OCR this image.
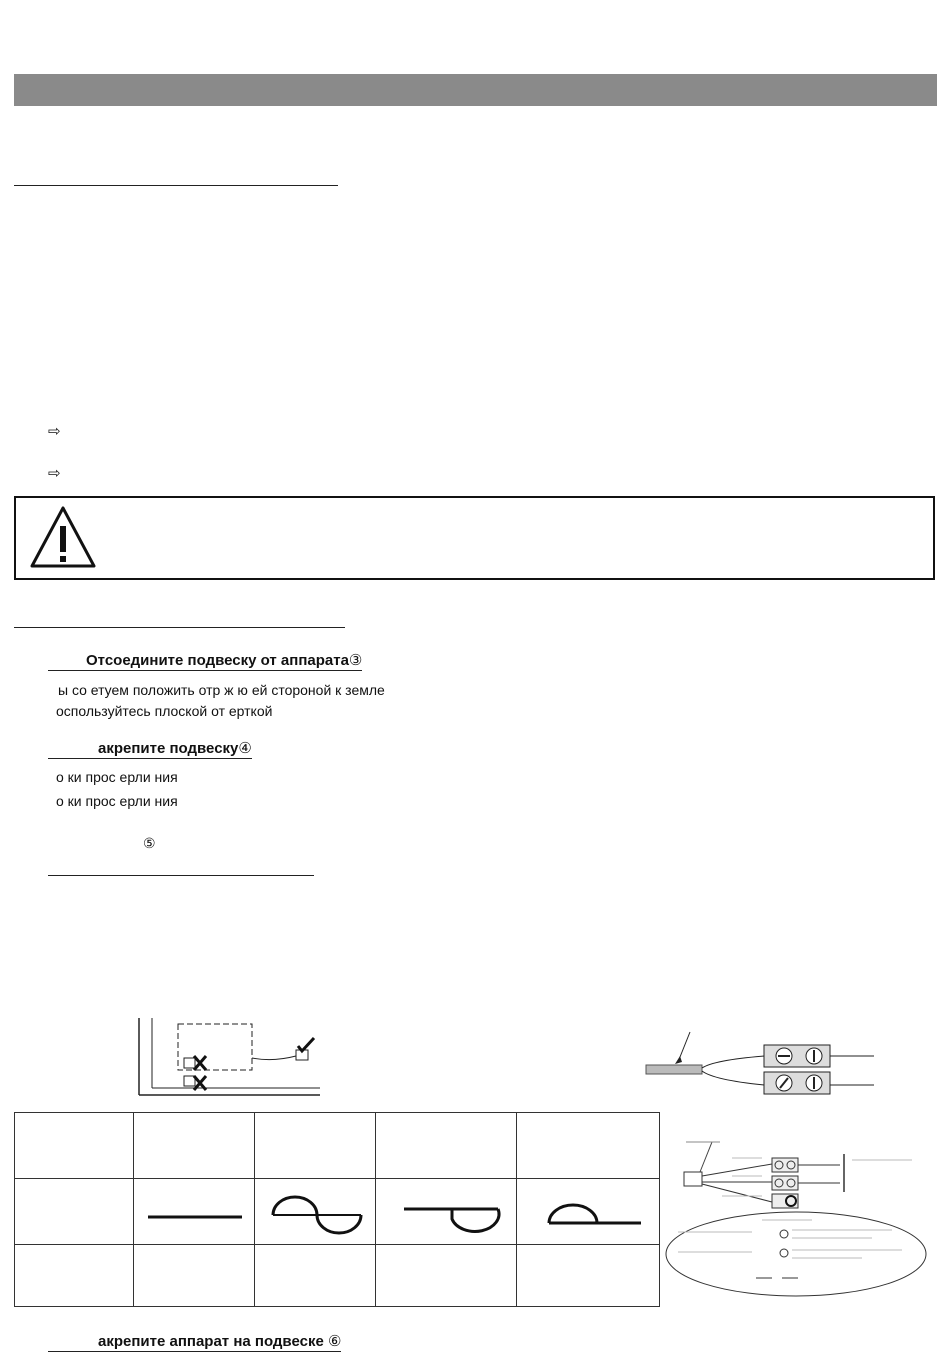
⇨
⇨
Отсоедините подвеску от аппарата③
ы со етуем положить отр ж ю ей стороной к земле
оспользуйтесь плоской от ерткой
акрепите подвеску④
о ки прос ерли ния
о ки прос ерли ния
⑤

акрепите аппарат на подвеске ⑥
